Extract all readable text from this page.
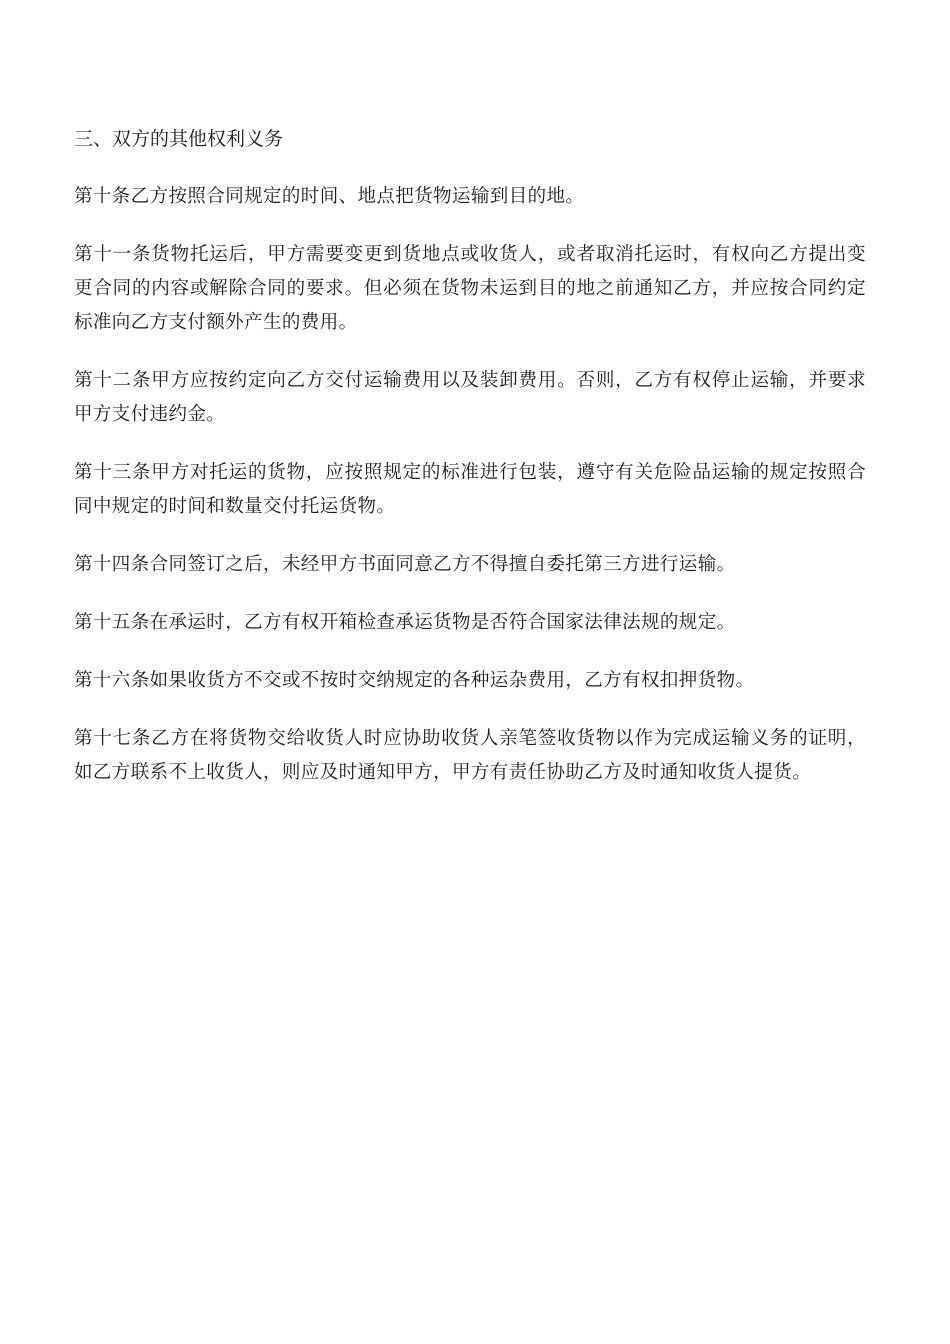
三、双方的其他权利义务

第十条乙方按照合同规定的时间、地点把货物运输到目的地。

第十一条货物托运后，甲方需要变更到货地点或收货人，或者取消托运时，有权向乙方提出变更合同的内容或解除合同的要求。但必须在货物未运到目的地之前通知乙方，并应按合同约定标准向乙方支付额外产生的费用。

第十二条甲方应按约定向乙方交付运输费用以及装卸费用。否则，乙方有权停止运输，并要求甲方支付违约金。

第十三条甲方对托运的货物，应按照规定的标准进行包装，遵守有关危险品运输的规定按照合同中规定的时间和数量交付托运货物。

第十四条合同签订之后，未经甲方书面同意乙方不得擅自委托第三方进行运输。

第十五条在承运时，乙方有权开箱检查承运货物是否符合国家法律法规的规定。

第十六条如果收货方不交或不按时交纳规定的各种运杂费用，乙方有权扣押货物。

第十七条乙方在将货物交给收货人时应协助收货人亲笔签收货物以作为完成运输义务的证明，如乙方联系不上收货人，则应及时通知甲方，甲方有责任协助乙方及时通知收货人提货。
